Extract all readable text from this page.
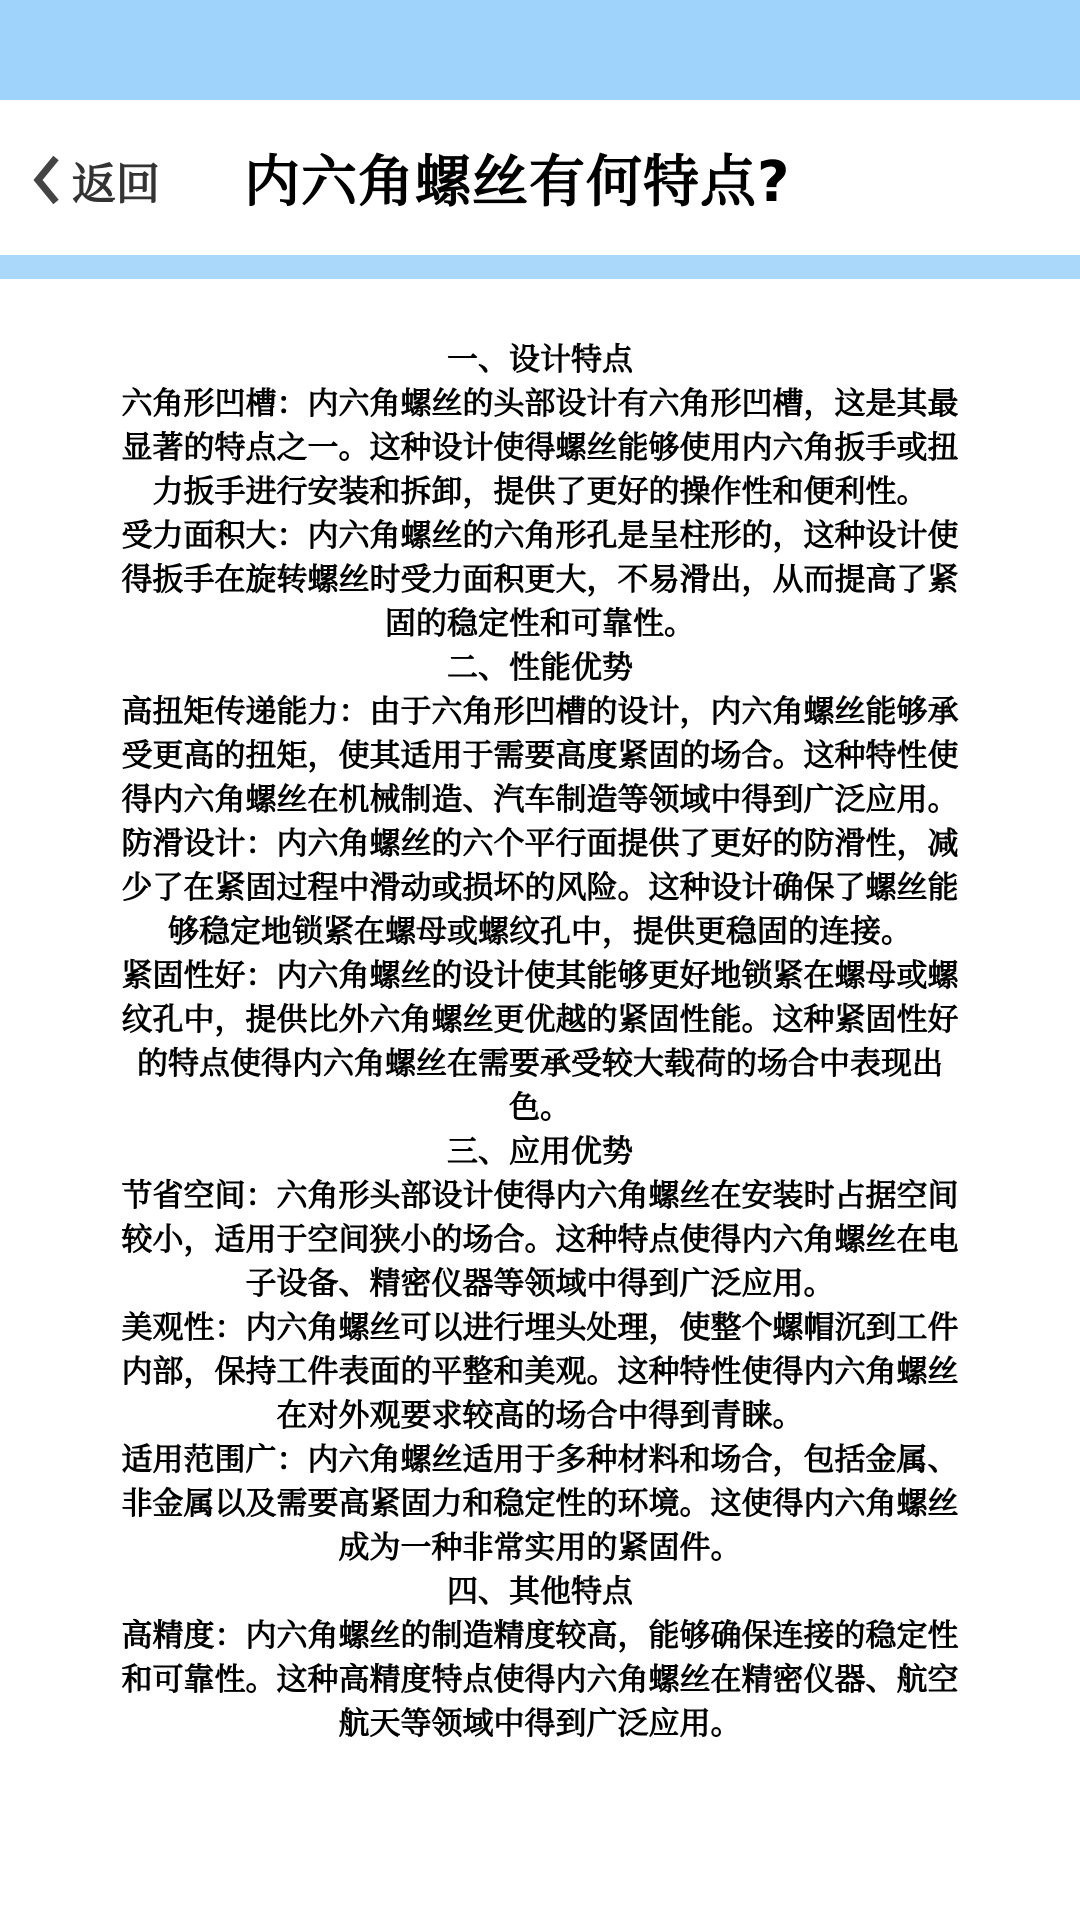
返回 内六角螺丝有何特点?
一、设计特点
六角形凹槽：内六角螺丝的头部设计有六角形凹槽，这是其最
显著的特点之一。这种设计使得螺丝能够使用内六角扳手或扭
力扳手进行安装和拆卸，提供了更好的操作性和便利性。
受力面积大：内六角螺丝的六角形孔是呈柱形的，这种设计使
得扳手在旋转螺丝时受力面积更大，不易滑出，从而提高了紧
固的稳定性和可靠性。
二、性能优势
高扭矩传递能力：由于六角形凹槽的设计，内六角螺丝能够承
受更高的扭矩，使其适用于需要高度紧固的场合。这种特性使
得内六角螺丝在机械制造、汽车制造等领域中得到广泛应用。
防滑设计：内六角螺丝的六个平行面提供了更好的防滑性，减
少了在紧固过程中滑动或损坏的风险。这种设计确保了螺丝能
够稳定地锁紧在螺母或螺纹孔中，提供更稳固的连接。
紧固性好：内六角螺丝的设计使其能够更好地锁紧在螺母或螺
纹孔中，提供比外六角螺丝更优越的紧固性能。这种紧固性好
的特点使得内六角螺丝在需要承受较大载荷的场合中表现出
色。
三、应用优势
节省空间：六角形头部设计使得内六角螺丝在安装时占据空间
较小，适用于空间狭小的场合。这种特点使得内六角螺丝在电
子设备、精密仪器等领域中得到广泛应用。
美观性：内六角螺丝可以进行埋头处理，使整个螺帽沉到工件
内部，保持工件表面的平整和美观。这种特性使得内六角螺丝
在对外观要求较高的场合中得到青睐。
适用范围广：内六角螺丝适用于多种材料和场合，包括金属、
非金属以及需要高紧固力和稳定性的环境。这使得内六角螺丝
成为一种非常实用的紧固件。
四、其他特点
高精度：内六角螺丝的制造精度较高，能够确保连接的稳定性
和可靠性。这种高精度特点使得内六角螺丝在精密仪器、航空
航天等领域中得到广泛应用。
